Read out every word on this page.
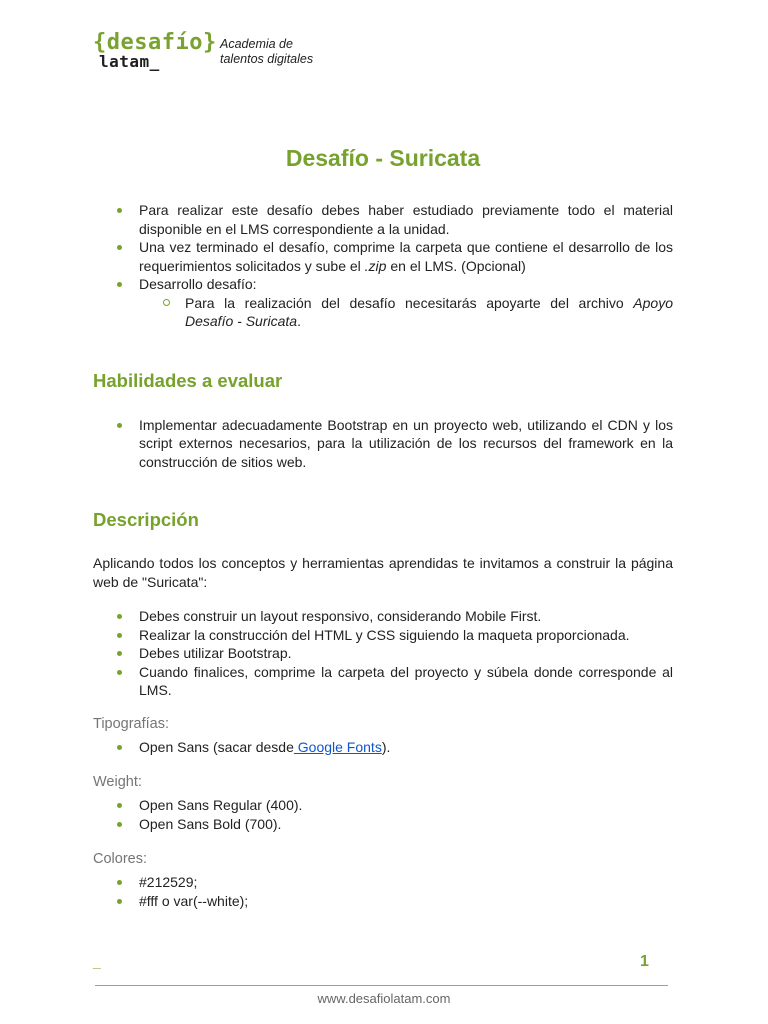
{desafío}
latam_
Academia de
talentos digitales
Desafío - Suricata
Para realizar este desafío debes haber estudiado previamente todo el material disponible en el LMS correspondiente a la unidad.
Una vez terminado el desafío, comprime la carpeta que contiene el desarrollo de los requerimientos solicitados y sube el .zip en el LMS. (Opcional)
Desarrollo desafío:
Para la realización del desafío necesitarás apoyarte del archivo Apoyo Desafío - Suricata.
Habilidades a evaluar
Implementar adecuadamente Bootstrap en un proyecto web, utilizando el CDN y los script externos necesarios, para la utilización de los recursos del framework en la construcción de sitios web.
Descripción

Aplicando todos los conceptos y herramientas aprendidas te invitamos a construir la página web de "Suricata":

Debes construir un layout responsivo, considerando Mobile First.
Realizar la construcción del HTML y CSS siguiendo la maqueta proporcionada.
Debes utilizar Bootstrap.
Cuando finalices, comprime la carpeta del proyecto y súbela donde corresponde al LMS.

Tipografías:

Open Sans (sacar desde Google Fonts).

Weight:

Open Sans Regular (400).
Open Sans Bold (700).

Colores:

#212529;
#fff o var(--white);
_	1
www.desafiolatam.com
